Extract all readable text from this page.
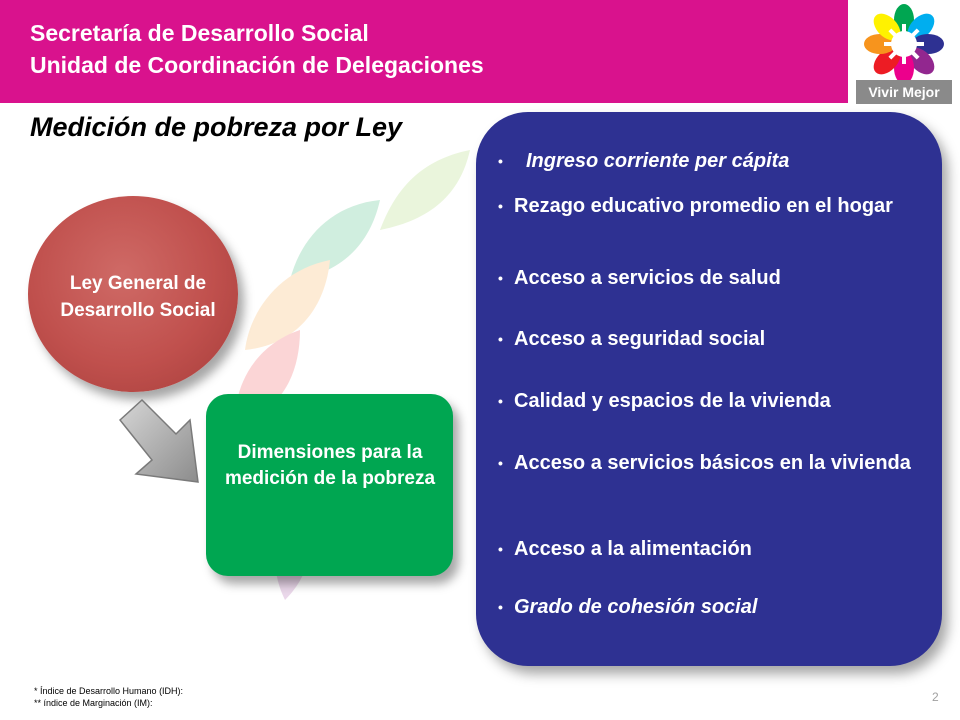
Secretaría de Desarrollo Social
Unidad de Coordinación de Delegaciones
Vivir Mejor
Medición de pobreza por Ley
Ley General de Desarrollo Social
Dimensiones para la medición de la pobreza
• Ingreso corriente per cápita
• Rezago educativo promedio en el hogar
• Acceso a servicios de salud
• Acceso a seguridad social
• Calidad y espacios de la vivienda
• Acceso a servicios básicos en la vivienda
• Acceso a la alimentación
• Grado de cohesión social
* Índice de Desarrollo Humano (IDH):
** índice de Marginación (IM):	2
